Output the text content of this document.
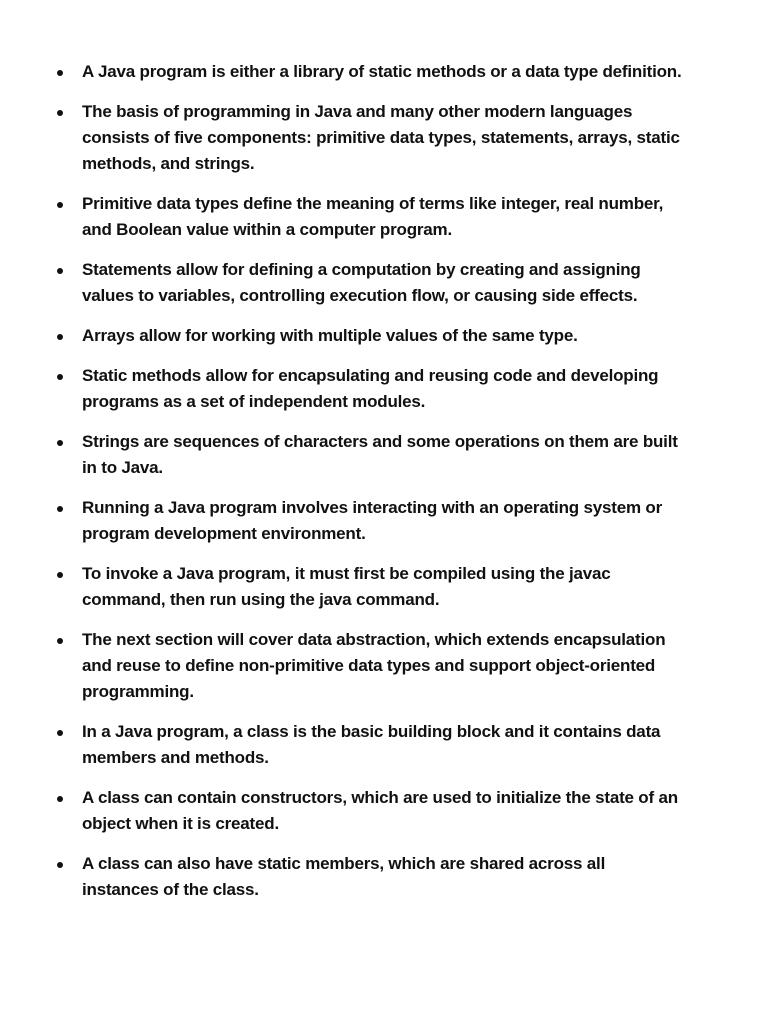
A Java program is either a library of static methods or a data type definition.
The basis of programming in Java and many other modern languages consists of five components: primitive data types, statements, arrays, static methods, and strings.
Primitive data types define the meaning of terms like integer, real number, and Boolean value within a computer program.
Statements allow for defining a computation by creating and assigning values to variables, controlling execution flow, or causing side effects.
Arrays allow for working with multiple values of the same type.
Static methods allow for encapsulating and reusing code and developing programs as a set of independent modules.
Strings are sequences of characters and some operations on them are built in to Java.
Running a Java program involves interacting with an operating system or program development environment.
To invoke a Java program, it must first be compiled using the javac command, then run using the java command.
The next section will cover data abstraction, which extends encapsulation and reuse to define non-primitive data types and support object-oriented programming.
In a Java program, a class is the basic building block and it contains data members and methods.
A class can contain constructors, which are used to initialize the state of an object when it is created.
A class can also have static members, which are shared across all instances of the class.
